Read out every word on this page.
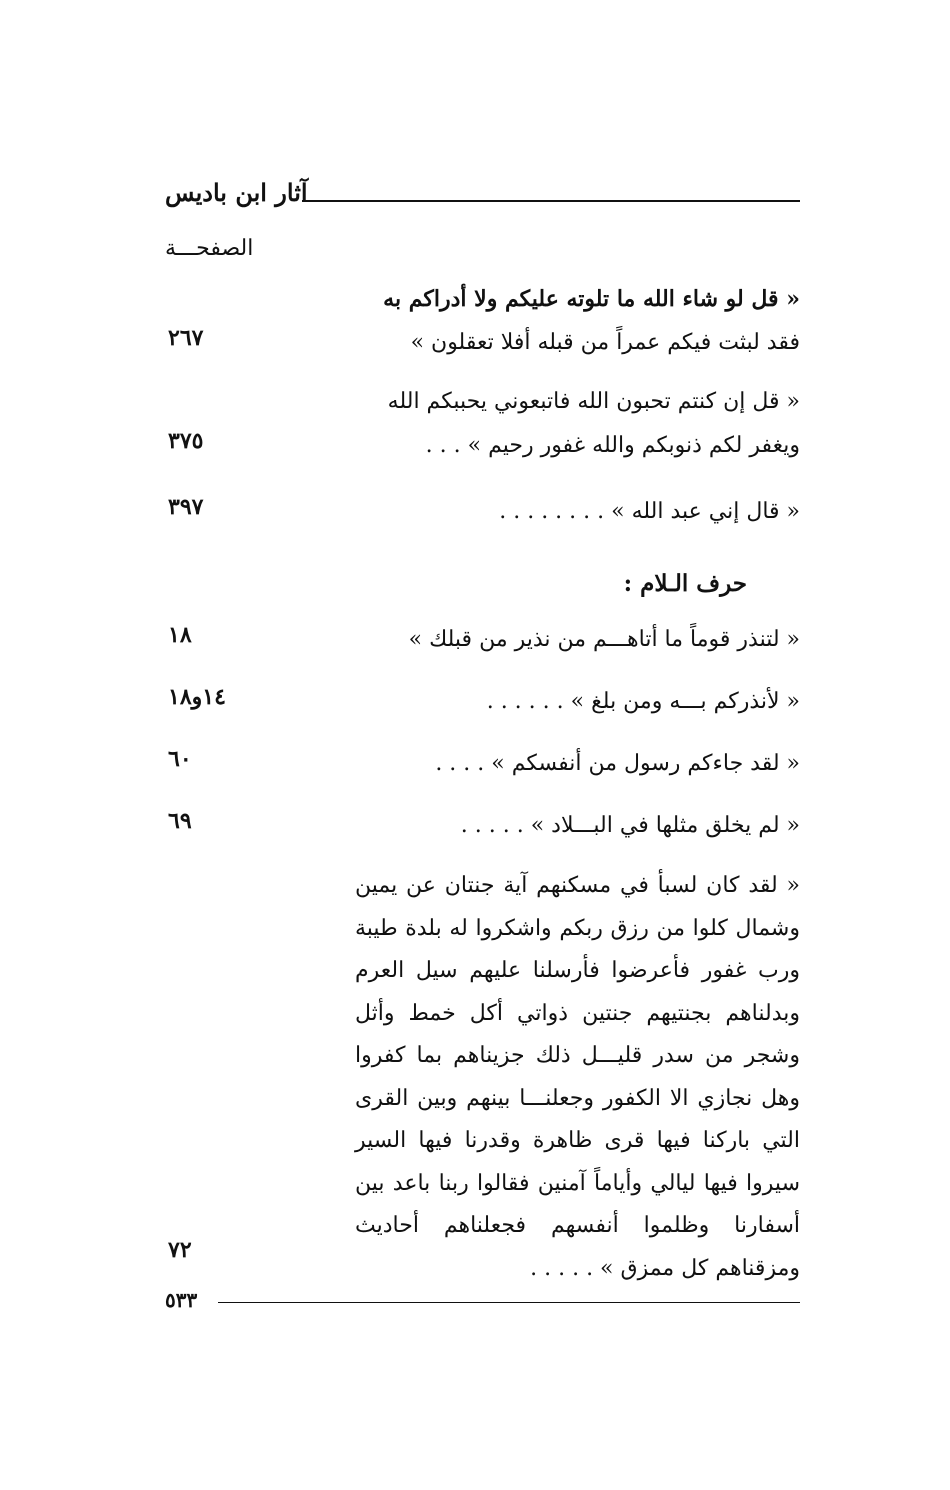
آثار ابن باديس
الصفحـــة
« قل لو شاء الله ما تلوته عليكم ولا أدراكم به
فقد لبثت فيكم عمراً من قبله أفلا تعقلون »
٢٦٧
« قل إن كنتم تحبون الله فاتبعوني يحببكم الله
ويغفر لكم ذنوبكم والله غفور رحيم » . . .
٣٧٥
« قال إني عبد الله » . . . . . . . .
٣٩٧
حرف الـلام :
« لتنذر قوماً ما أتاهـــم من نذير من قبلك »
١٨
« لأنذركم بـــه ومن بلغ » . . . . . .
١٤و١٨
« لقد جاءكم رسول من أنفسكم » . . . .
٦٠
« لم يخلق مثلها في البـــلاد » . . . . .
٦٩
« لقد كان لسبأ في مسكنهم آية جنتان عن يمين وشمال كلوا من رزق ربكم واشكروا له بلدة طيبة ورب غفور فأعرضوا فأرسلنا عليهم سيل العرم وبدلناهم بجنتيهم جنتين ذواتي أكل خمط وأثل وشجر من سدر قليـــل ذلك جزيناهم بما كفروا وهل نجازي الا الكفور وجعلنـــا بينهم وبين القرى التي باركنا فيها قرى ظاهرة وقدرنا فيها السير سيروا فيها ليالي وأياماً آمنين فقالوا ربنا باعد بين أسفارنا وظلموا أنفسهم فجعلناهم أحاديث ومزقناهم كل ممزق » . . . . .
٧٢
٥٣٣
